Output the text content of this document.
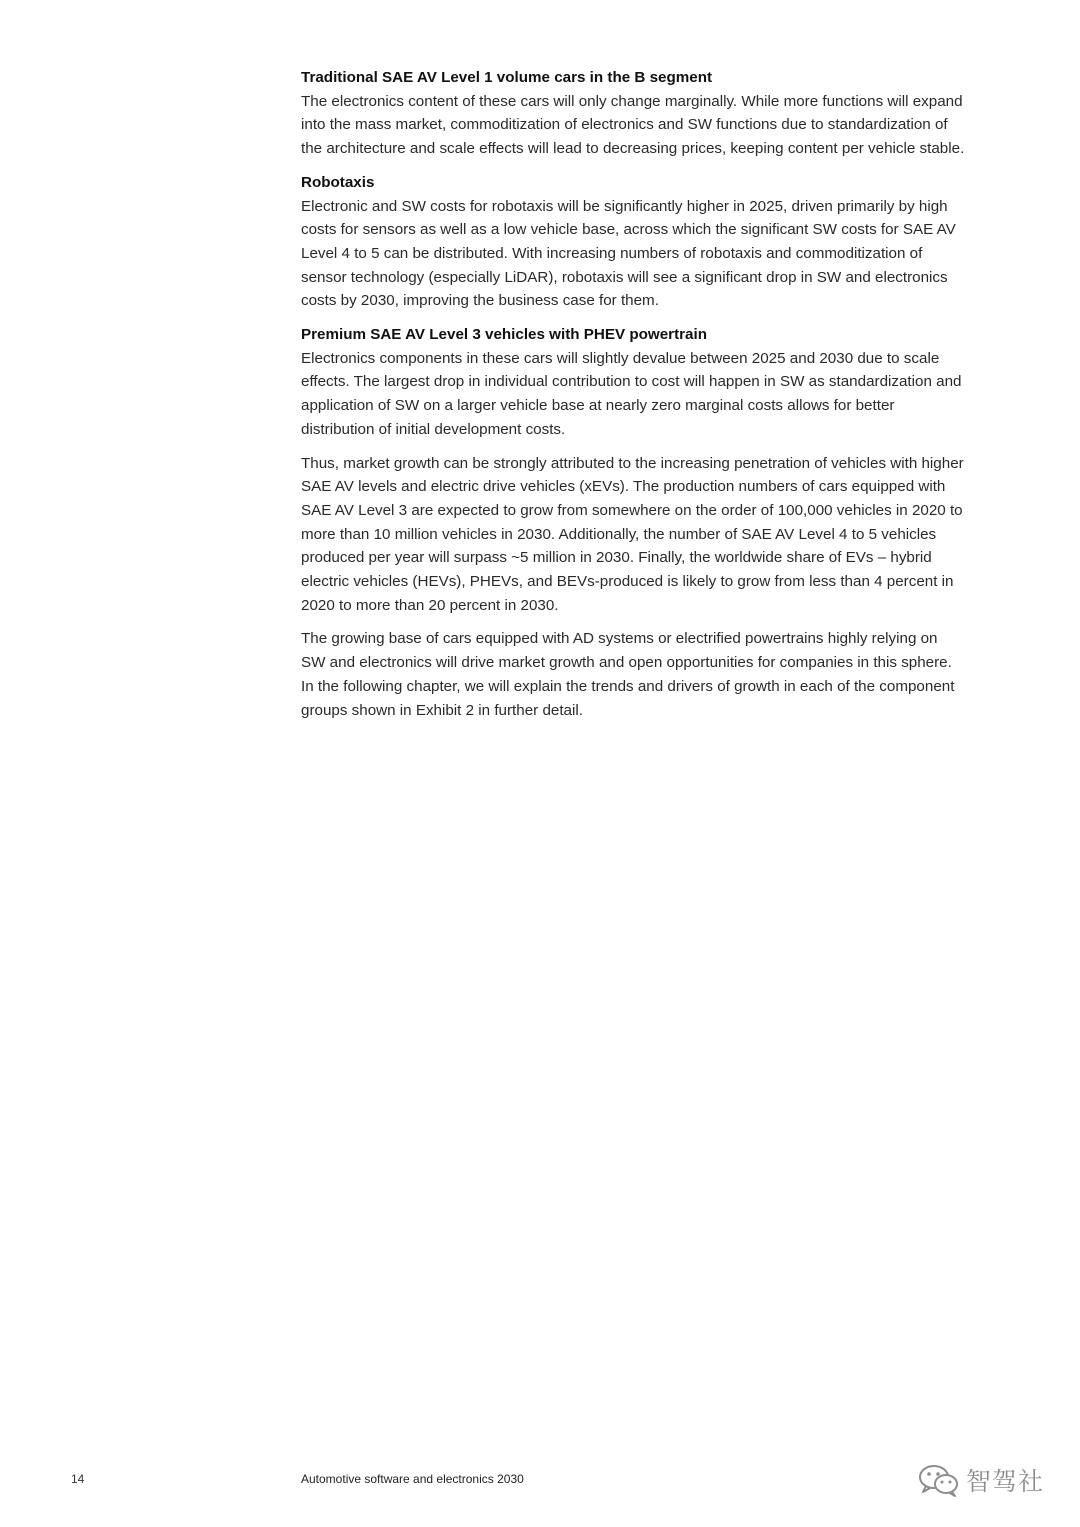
Traditional SAE AV Level 1 volume cars in the B segment

The electronics content of these cars will only change marginally. While more functions will expand into the mass market, commoditization of electronics and SW functions due to standardization of the architecture and scale effects will lead to decreasing prices, keeping content per vehicle stable.

Robotaxis

Electronic and SW costs for robotaxis will be significantly higher in 2025, driven primarily by high costs for sensors as well as a low vehicle base, across which the significant SW costs for SAE AV Level 4 to 5 can be distributed. With increasing numbers of robotaxis and commoditization of sensor technology (especially LiDAR), robotaxis will see a significant drop in SW and electronics costs by 2030, improving the business case for them.

Premium SAE AV Level 3 vehicles with PHEV powertrain

Electronics components in these cars will slightly devalue between 2025 and 2030 due to scale effects. The largest drop in individual contribution to cost will happen in SW as standardization and application of SW on a larger vehicle base at nearly zero marginal costs allows for better distribution of initial development costs.

Thus, market growth can be strongly attributed to the increasing penetration of vehicles with higher SAE AV levels and electric drive vehicles (xEVs). The production numbers of cars equipped with SAE AV Level 3 are expected to grow from somewhere on the order of 100,000 vehicles in 2020 to more than 10 million vehicles in 2030. Additionally, the number of SAE AV Level 4 to 5 vehicles produced per year will surpass ~5 million in 2030. Finally, the worldwide share of EVs – hybrid electric vehicles (HEVs), PHEVs, and BEVs-produced is likely to grow from less than 4 percent in 2020 to more than 20 percent in 2030.

The growing base of cars equipped with AD systems or electrified powertrains highly relying on SW and electronics will drive market growth and open opportunities for companies in this sphere. In the following chapter, we will explain the trends and drivers of growth in each of the component groups shown in Exhibit 2 in further detail.

14	Automotive software and electronics 2030	智驾社
